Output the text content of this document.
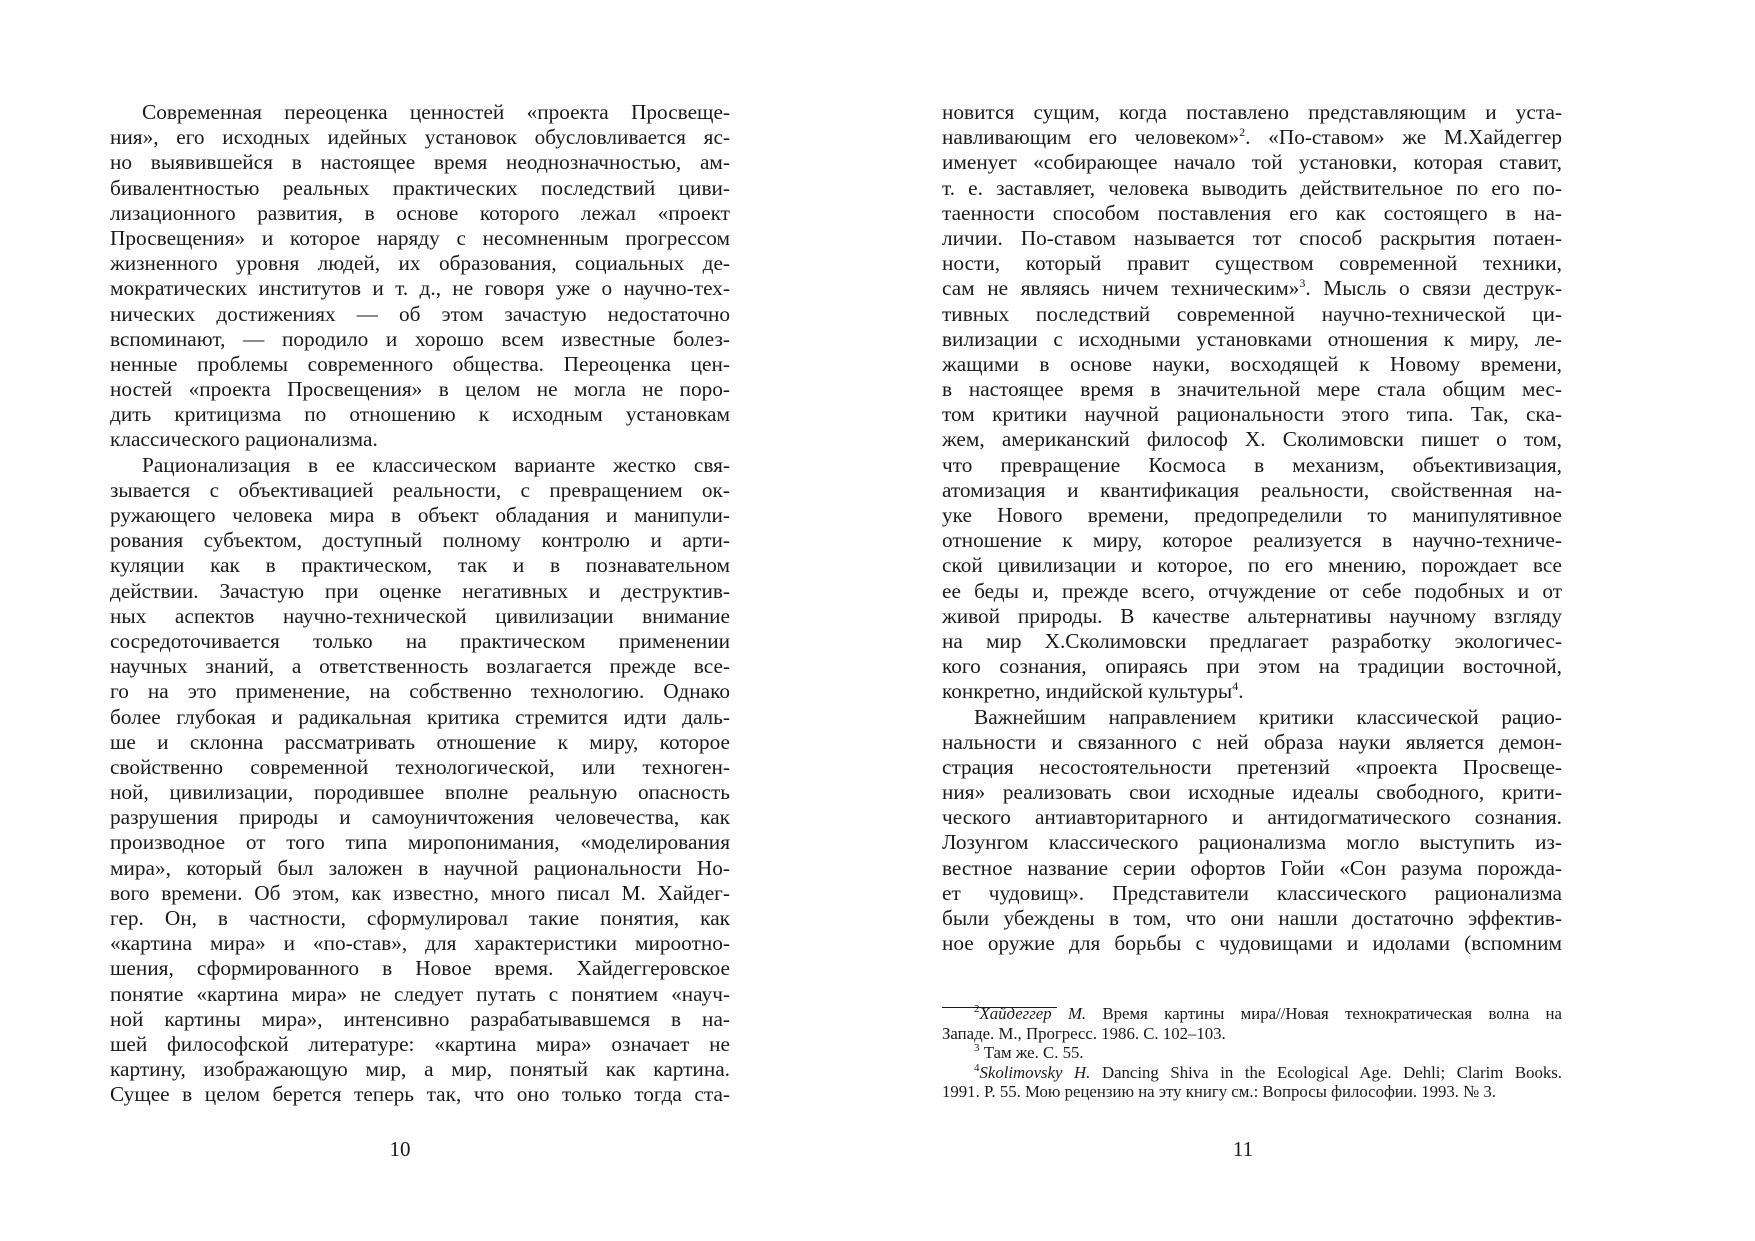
Современная переоценка ценностей «проекта Просвеще-
ния», его исходных идейных установок обусловливается яс-
но выявившейся в настоящее время неоднозначностью, ам-
бивалентностью реальных практических последствий циви-
лизационного развития, в основе которого лежал «проект
Просвещения» и которое наряду с несомненным прогрессом
жизненного уровня людей, их образования, социальных де-
мократических институтов и т. д., не говоря уже о научно-тех-
нических достижениях — об этом зачастую недостаточно
вспоминают, — породило и хорошо всем известные болез-
ненные проблемы современного общества. Переоценка цен-
ностей «проекта Просвещения» в целом не могла не поро-
дить критицизма по отношению к исходным установкам
классического рационализма.
Рационализация в ее классическом варианте жестко свя-
зывается с объективацией реальности, с превращением ок-
ружающего человека мира в объект обладания и манипули-
рования субъектом, доступный полному контролю и арти-
куляции как в практическом, так и в познавательном
действии. Зачастую при оценке негативных и деструктив-
ных аспектов научно-технической цивилизации внимание
сосредоточивается только на практическом применении
научных знаний, а ответственность возлагается прежде все-
го на это применение, на собственно технологию. Однако
более глубокая и радикальная критика стремится идти даль-
ше и склонна рассматривать отношение к миру, которое
свойственно современной технологической, или техноген-
ной, цивилизации, породившее вполне реальную опасность
разрушения природы и самоуничтожения человечества, как
производное от того типа миропонимания, «моделирования
мира», который был заложен в научной рациональности Но-
вого времени. Об этом, как известно, много писал М. Хайдег-
гер. Он, в частности, сформулировал такие понятия, как
«картина мира» и «по-став», для характеристики мироотно-
шения, сформированного в Новое время. Хайдеггеровское
понятие «картина мира» не следует путать с понятием «науч-
ной картины мира», интенсивно разрабатывавшемся в на-
шей философской литературе: «картина мира» означает не
картину, изображающую мир, а мир, понятый как картина.
Сущее в целом берется теперь так, что оно только тогда ста-
10
новится сущим, когда поставлено представляющим и уста-
навливающим его человеком»$^2$. «По-ставом» же М.Хайдеггер
именует «собирающее начало той установки, которая ставит,
т. е. заставляет, человека выводить действительное по его по-
таенности способом поставления его как состоящего в на-
личии. По-ставом называется тот способ раскрытия потаен-
ности, который правит существом современной техники,
сам не являясь ничем техническим»$^3$. Мысль о связи деструк-
тивных последствий современной научно-технической ци-
вилизации с исходными установками отношения к миру, ле-
жащими в основе науки, восходящей к Новому времени,
в настоящее время в значительной мере стала общим мес-
том критики научной рациональности этого типа. Так, ска-
жем, американский философ Х. Сколимовски пишет о том,
что превращение Космоса в механизм, объективизация,
атомизация и квантификация реальности, свойственная на-
уке Нового времени, предопределили то манипулятивное
отношение к миру, которое реализуется в научно-техниче-
ской цивилизации и которое, по его мнению, порождает все
ее беды и, прежде всего, отчуждение от себе подобных и от
живой природы. В качестве альтернативы научному взгляду
на мир Х.Сколимовски предлагает разработку экологичес-
кого сознания, опираясь при этом на традиции восточной,
конкретно, индийской культуры$^4$.
Важнейшим направлением критики классической рацио-
нальности и связанного с ней образа науки является демон-
страция несостоятельности претензий «проекта Просвеще-
ния» реализовать свои исходные идеалы свободного, крити-
ческого антиавторитарного и антидогматического сознания.
Лозунгом классического рационализма могло выступить из-
вестное название серии офортов Гойи «Сон разума порожда-
ет чудовищ». Представители классического рационализма
были убеждены в том, что они нашли достаточно эффектив-
ное оружие для борьбы с чудовищами и идолами (вспомним
$^2$Хайдеггер М. Время картины мира//Новая технократическая волна на
Западе. М., Прогресс. 1986. С. 102–103.
$^3$ Там же. С. 55.
$^4$Skolimovsky H. Dancing Shiva in the Ecological Age. Dehli; Clarim Books.
1991. P. 55. Мою рецензию на эту книгу см.: Вопросы философии. 1993. № 3.
11
